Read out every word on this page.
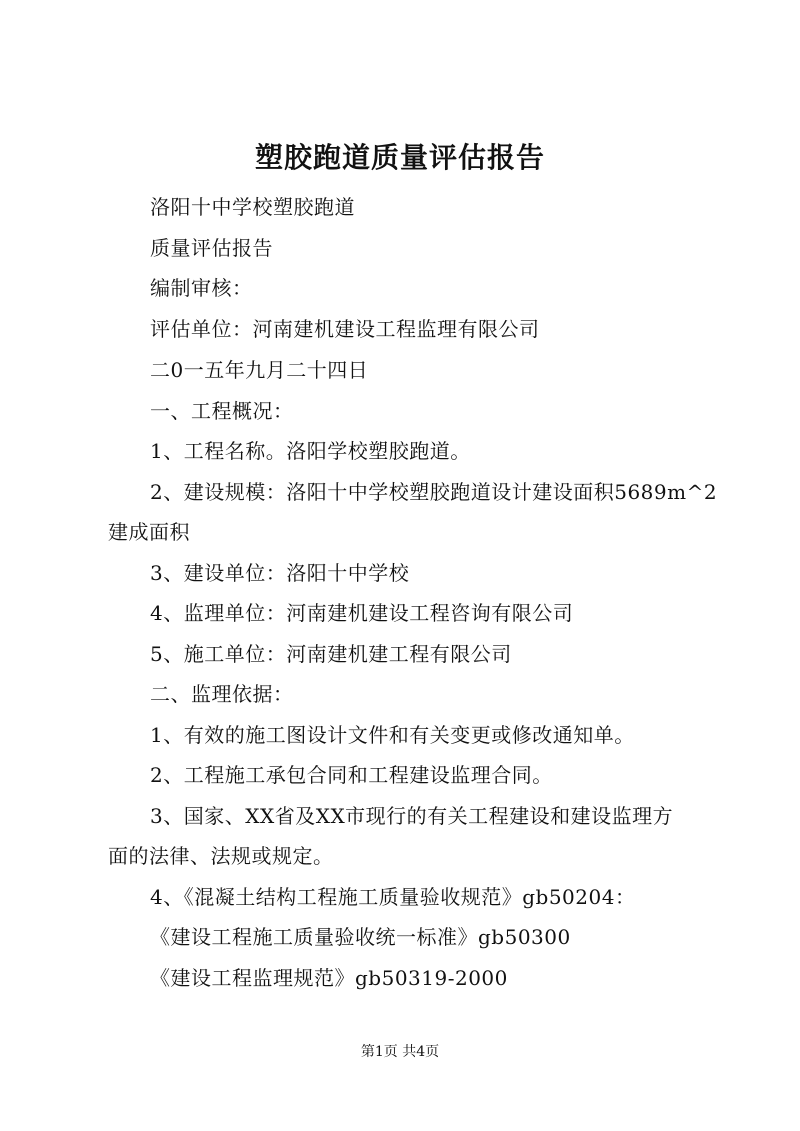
塑胶跑道质量评估报告
洛阳十中学校塑胶跑道
质量评估报告
编制审核：
评估单位：河南建机建设工程监理有限公司
二0一五年九月二十四日
一、工程概况：
1、工程名称。洛阳学校塑胶跑道。
2、建设规模：洛阳十中学校塑胶跑道设计建设面积5689m^2
建成面积
3、建设单位：洛阳十中学校
4、监理单位：河南建机建设工程咨询有限公司
5、施工单位：河南建机建工程有限公司
二、监理依据：
1、有效的施工图设计文件和有关变更或修改通知单。
2、工程施工承包合同和工程建设监理合同。
3、国家、XX省及XX市现行的有关工程建设和建设监理方
面的法律、法规或规定。
4、《混凝土结构工程施工质量验收规范》gb50204：
《建设工程施工质量验收统一标准》gb50300
《建设工程监理规范》gb50319-2000
第1页 共4页
